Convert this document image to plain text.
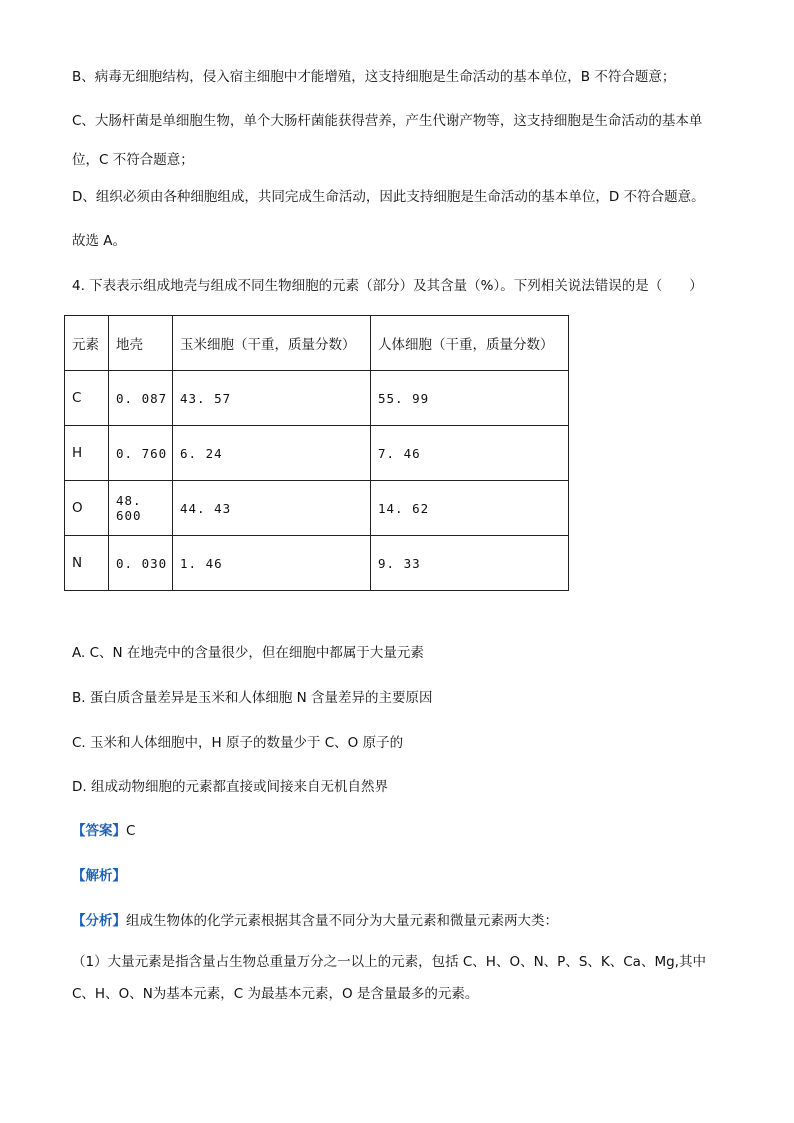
B、病毒无细胞结构，侵入宿主细胞中才能增殖，这支持细胞是生命活动的基本单位，B 不符合题意；
C、大肠杆菌是单细胞生物，单个大肠杆菌能获得营养，产生代谢产物等，这支持细胞是生命活动的基本单位，C 不符合题意；
D、组织必须由各种细胞组成，共同完成生命活动，因此支持细胞是生命活动的基本单位，D 不符合题意。
故选 A。
4. 下表表示组成地壳与组成不同生物细胞的元素（部分）及其含量（%）。下列相关说法错误的是（　　）
元素	地壳	玉米细胞（干重，质量分数）	人体细胞（干重，质量分数）
C	0. 087	43. 57	55. 99
H	0. 760	6. 24	7. 46
O	48. 600	44. 43	14. 62
N	0. 030	1. 46	9. 33
A. C、N 在地壳中的含量很少，但在细胞中都属于大量元素
B. 蛋白质含量差异是玉米和人体细胞 N 含量差异的主要原因
C. 玉米和人体细胞中，H 原子的数量少于 C、O 原子的
D. 组成动物细胞的元素都直接或间接来自无机自然界
【答案】C
【解析】
【分析】组成生物体的化学元素根据其含量不同分为大量元素和微量元素两大类：
（1）大量元素是指含量占生物总重量万分之一以上的元素，包括 C、H、O、N、P、S、K、Ca、Mg,其中 C、H、O、N为基本元素，C 为最基本元素，O 是含量最多的元素。
